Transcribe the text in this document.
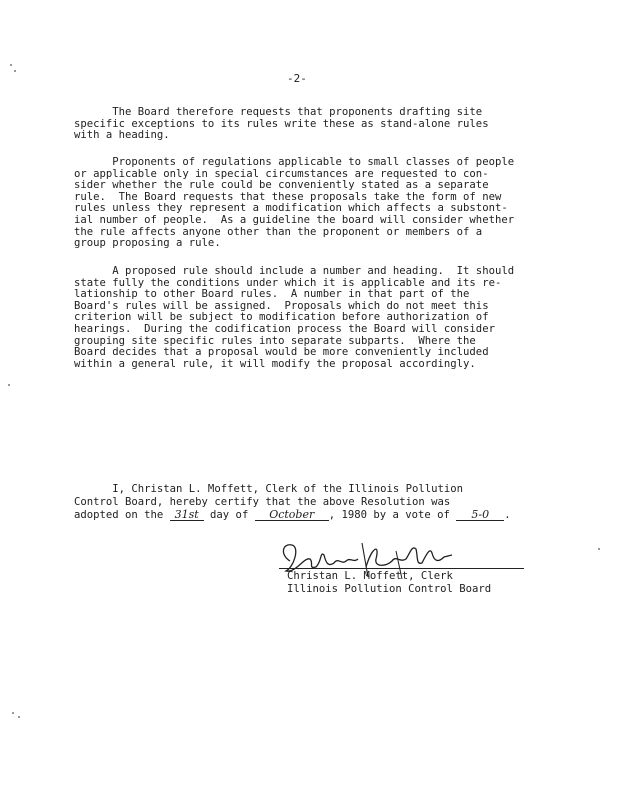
-2-
The Board therefore requests that proponents drafting site
specific exceptions to its rules write these as stand-alone rules
with a heading.
Proponents of regulations applicable to small classes of people
or applicable only in special circumstances are requested to con-
sider whether the rule could be conveniently stated as a separate
rule.  The Board requests that these proposals take the form of new
rules unless they represent a modification which affects a substont-
ial number of people.  As a guideline the board will consider whether
the rule affects anyone other than the proponent or members of a
group proposing a rule.
A proposed rule should include a number and heading.  It should
state fully the conditions under which it is applicable and its re-
lationship to other Board rules.  A number in that part of the
Board's rules will be assigned.  Proposals which do not meet this
criterion will be subject to modification before authorization of
hearings.  During the codification process the Board will consider
grouping site specific rules into separate subparts.  Where the
Board decides that a proposal would be more conveniently included
within a general rule, it will modify the proposal accordingly.
I, Christan L. Moffett, Clerk of the Illinois Pollution
Control Board, hereby certify that the above Resolution was
adopted on the 31st day of October , 1980 by a vote of 5-0 .
Christan L. Moffett, Clerk
Illinois Pollution Control Board
